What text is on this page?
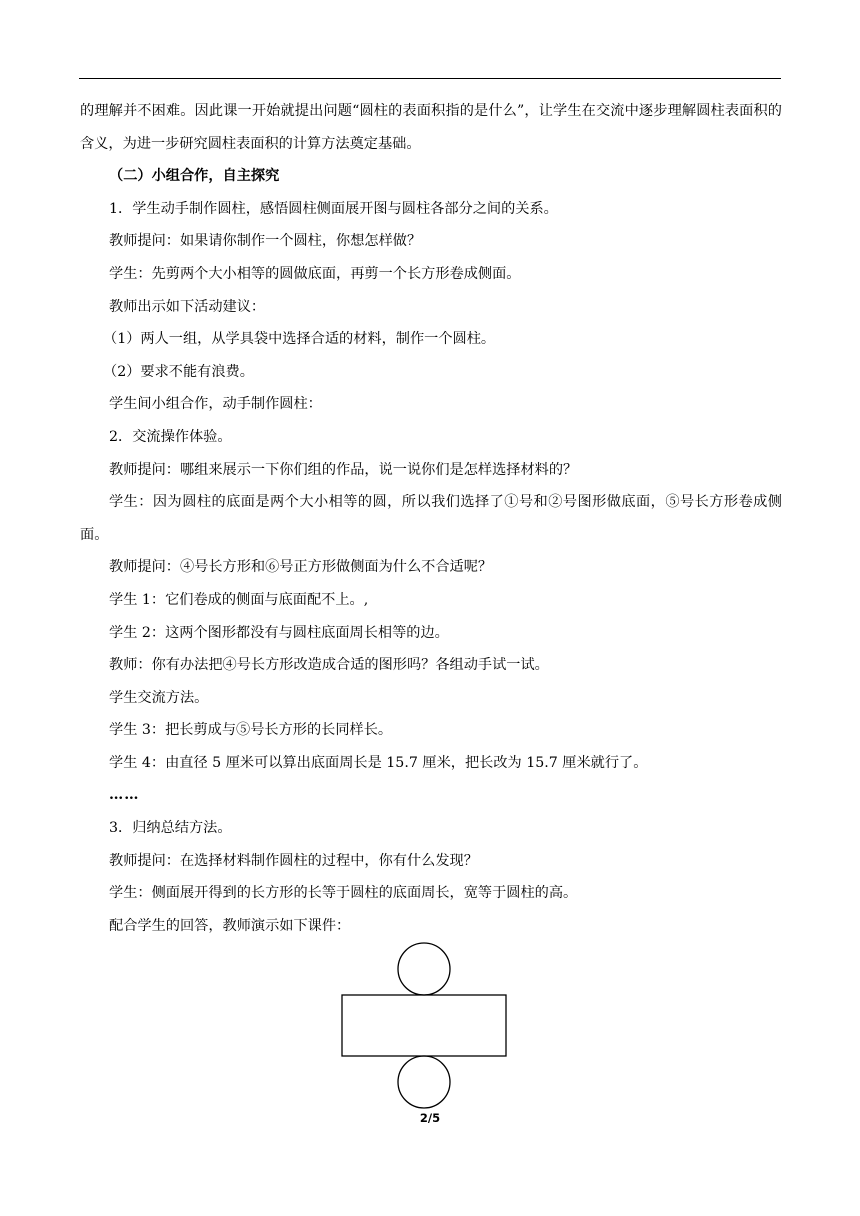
的理解并不困难。因此课一开始就提出问题“圆柱的表面积指的是什么”，让学生在交流中逐步理解圆柱表面积的含义，为进一步研究圆柱表面积的计算方法奠定基础。

（二）小组合作，自主探究

1．学生动手制作圆柱，感悟圆柱侧面展开图与圆柱各部分之间的关系。

教师提问：如果请你制作一个圆柱，你想怎样做？

学生：先剪两个大小相等的圆做底面，再剪一个长方形卷成侧面。

教师出示如下活动建议：

（1）两人一组，从学具袋中选择合适的材料，制作一个圆柱。

（2）要求不能有浪费。

学生间小组合作，动手制作圆柱：

2．交流操作体验。

教师提问：哪组来展示一下你们组的作品，说一说你们是怎样选择材料的？

学生：因为圆柱的底面是两个大小相等的圆，所以我们选择了①号和②号图形做底面，⑤号长方形卷成侧面。

教师提问：④号长方形和⑥号正方形做侧面为什么不合适呢？

学生 1：它们卷成的侧面与底面配不上。,

学生 2：这两个图形都没有与圆柱底面周长相等的边。

教师：你有办法把④号长方形改造成合适的图形吗？各组动手试一试。

学生交流方法。

学生 3：把长剪成与⑤号长方形的长同样长。

学生 4：由直径 5 厘米可以算出底面周长是 15.7 厘米，把长改为 15.7 厘米就行了。

……

3．归纳总结方法。

教师提问：在选择材料制作圆柱的过程中，你有什么发现？

学生：侧面展开得到的长方形的长等于圆柱的底面周长，宽等于圆柱的高。

配合学生的回答，教师演示如下课件：

2/5
